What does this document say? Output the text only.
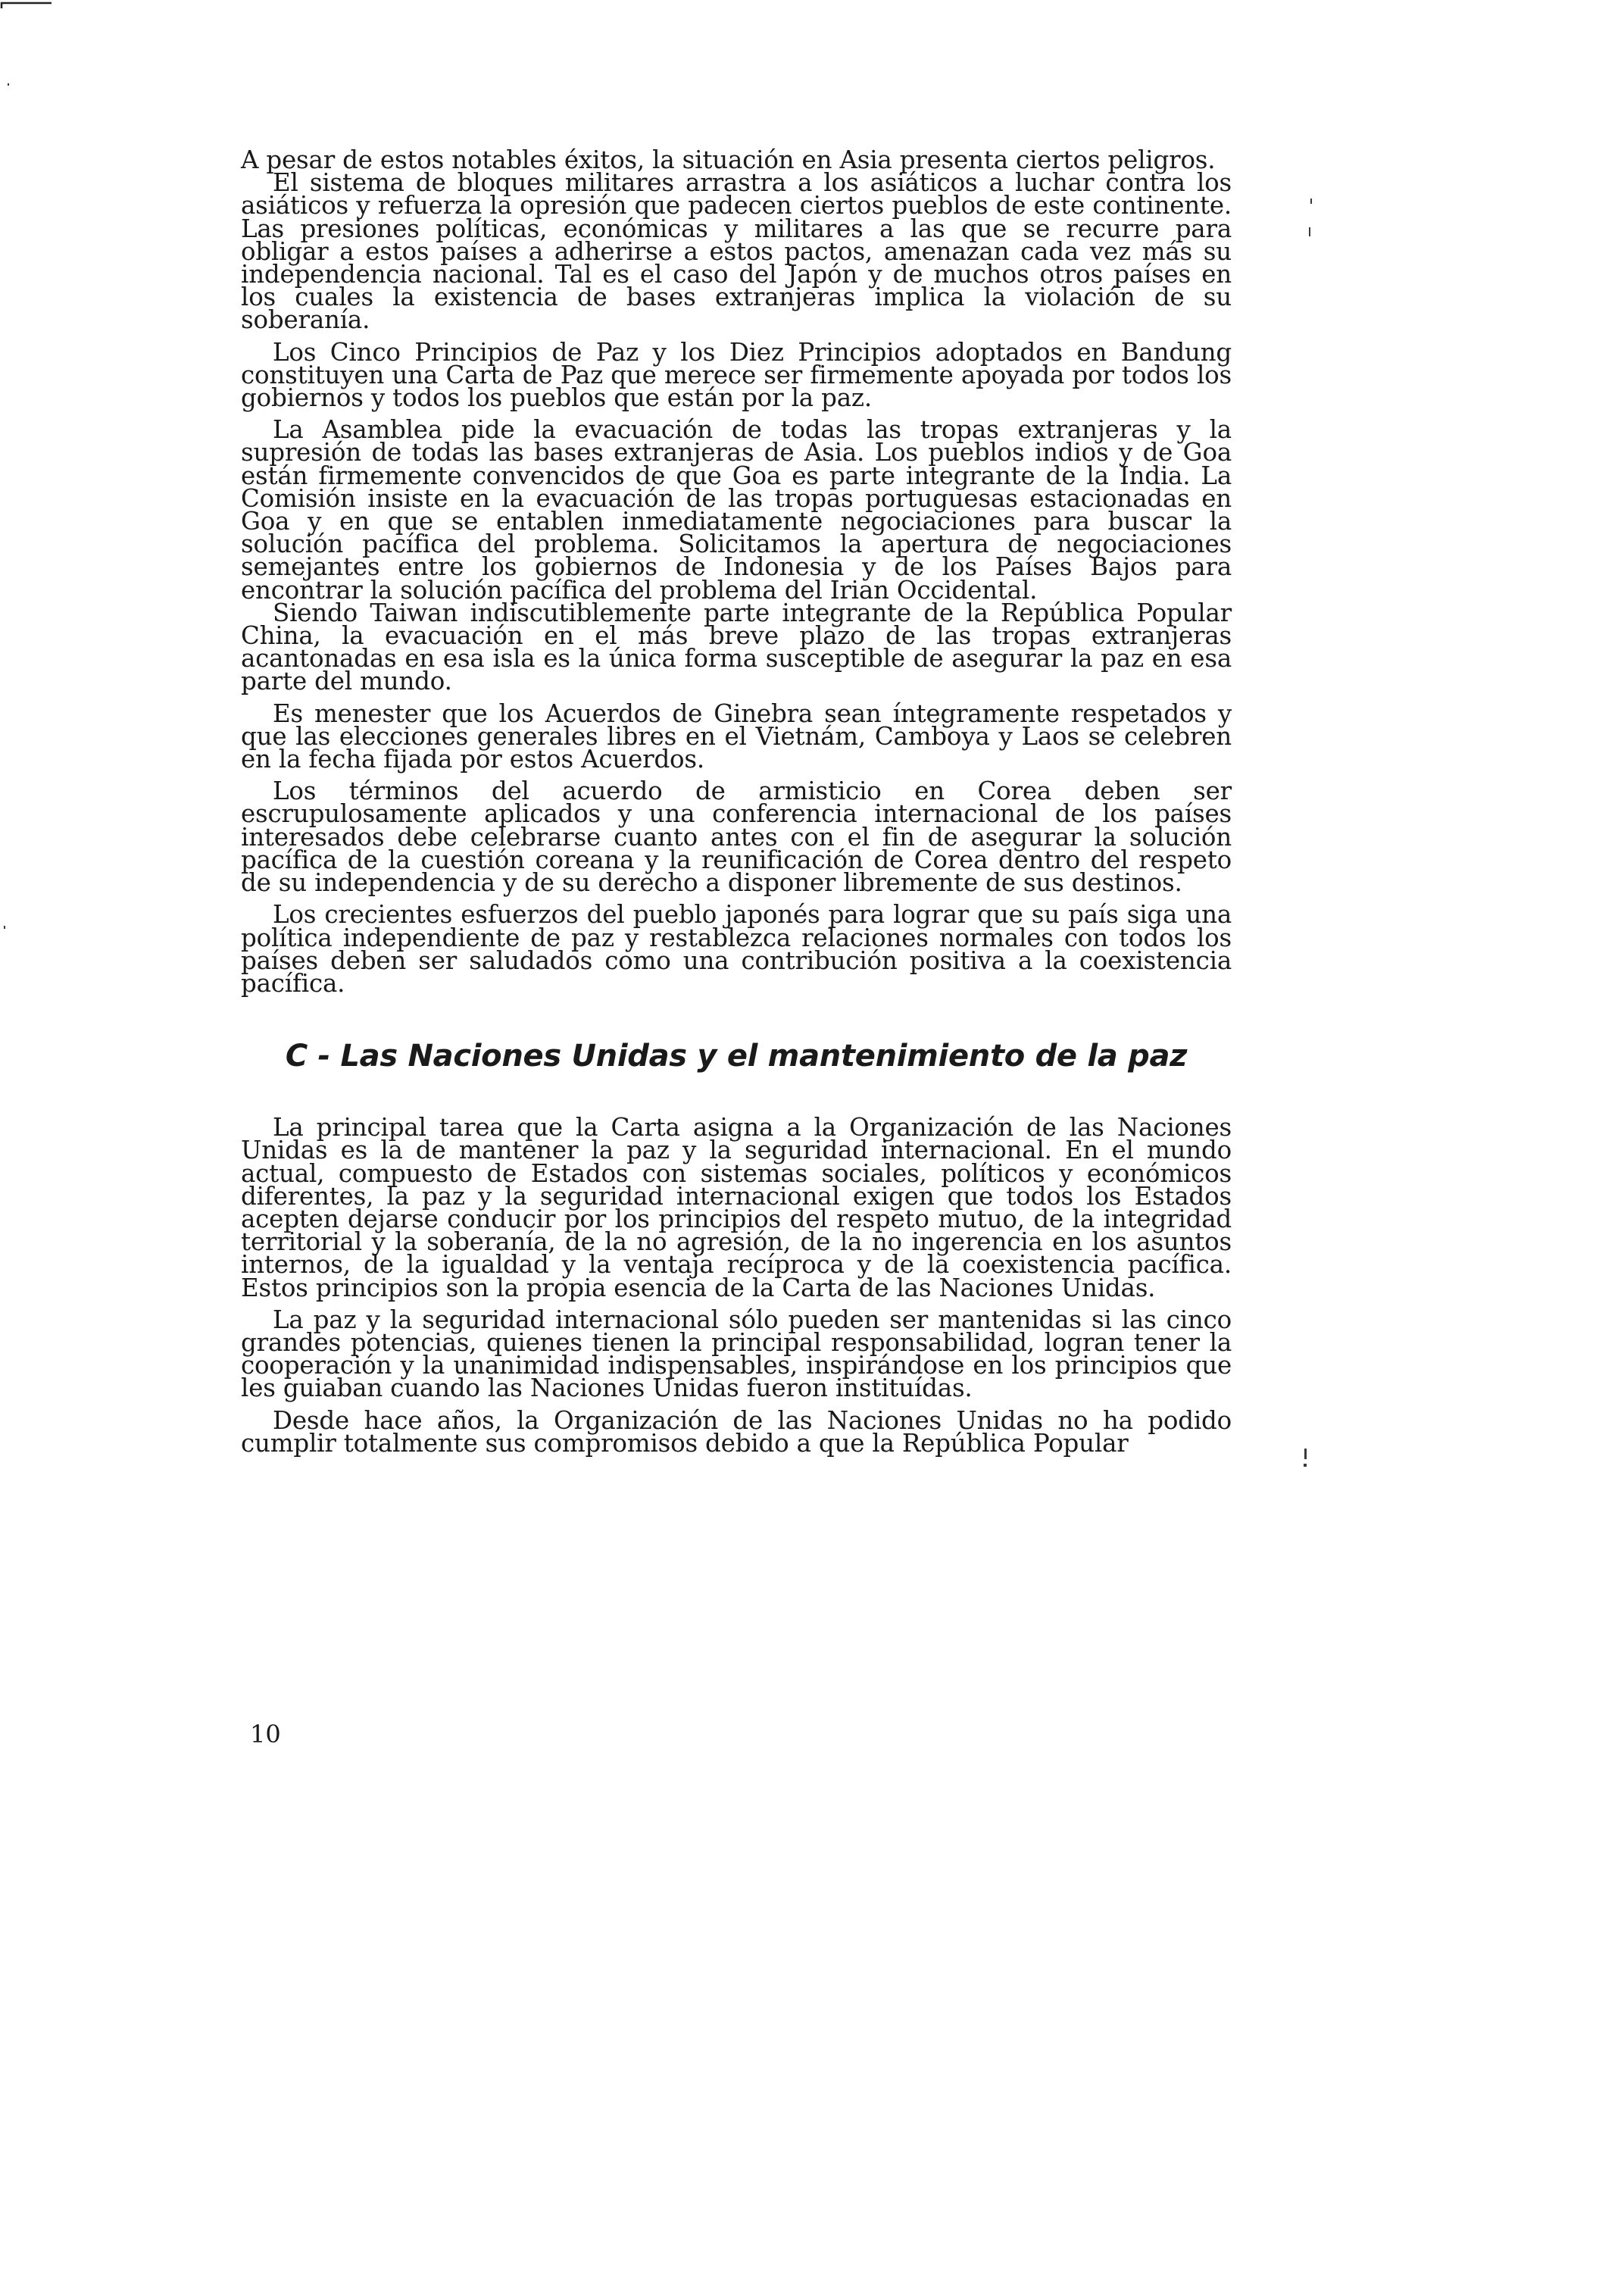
A pesar de estos notables éxitos, la situación en Asia presenta ciertos peligros.

El sistema de bloques militares arrastra a los asiáticos a luchar contra los asiáticos y refuerza la opresión que padecen ciertos pueblos de este continente. Las presiones políticas, económicas y militares a las que se recurre para obligar a estos países a adherirse a estos pactos, amenazan cada vez más su independencia nacional. Tal es el caso del Japón y de muchos otros países en los cuales la existencia de bases extranjeras implica la violación de su soberanía.

Los Cinco Principios de Paz y los Diez Principios adoptados en Bandung constituyen una Carta de Paz que merece ser firmemente apoyada por todos los gobiernos y todos los pueblos que están por la paz.

La Asamblea pide la evacuación de todas las tropas extranjeras y la supresión de todas las bases extranjeras de Asia. Los pueblos indios y de Goa están firmemente convencidos de que Goa es parte integrante de la India. La Comisión insiste en la evacuación de las tropas portuguesas estacionadas en Goa y en que se entablen inmediatamente negociaciones para buscar la solución pacífica del problema. Solicitamos la apertura de negociaciones semejantes entre los gobiernos de Indonesia y de los Países Bajos para encontrar la solución pacífica del problema del Irian Occidental.

Siendo Taiwan indiscutiblemente parte integrante de la República Popular China, la evacuación en el más breve plazo de las tropas extranjeras acantonadas en esa isla es la única forma susceptible de asegurar la paz en esa parte del mundo.

Es menester que los Acuerdos de Ginebra sean íntegramente respetados y que las elecciones generales libres en el Vietnám, Camboya y Laos se celebren en la fecha fijada por estos Acuerdos.

Los términos del acuerdo de armisticio en Corea deben ser escrupulosamente aplicados y una conferencia internacional de los países interesados debe celebrarse cuanto antes con el fin de asegurar la solución pacífica de la cuestión coreana y la reunificación de Corea dentro del respeto de su independencia y de su derecho a disponer libremente de sus destinos.

Los crecientes esfuerzos del pueblo japonés para lograr que su país siga una política independiente de paz y restablezca relaciones normales con todos los países deben ser saludados como una contribución positiva a la coexistencia pacífica.

C - Las Naciones Unidas y el mantenimiento de la paz

La principal tarea que la Carta asigna a la Organización de las Naciones Unidas es la de mantener la paz y la seguridad internacional. En el mundo actual, compuesto de Estados con sistemas sociales, políticos y económicos diferentes, la paz y la seguridad internacional exigen que todos los Estados acepten dejarse conducir por los principios del respeto mutuo, de la integridad territorial y la soberanía, de la no agresión, de la no ingerencia en los asuntos internos, de la igualdad y la ventaja recíproca y de la coexistencia pacífica. Estos principios son la propia esencia de la Carta de las Naciones Unidas.

La paz y la seguridad internacional sólo pueden ser mantenidas si las cinco grandes potencias, quienes tienen la principal responsabilidad, logran tener la cooperación y la unanimidad indispensables, inspirándose en los principios que les guiaban cuando las Naciones Unidas fueron instituídas.

Desde hace años, la Organización de las Naciones Unidas no ha podido cumplir totalmente sus compromisos debido a que la República Popular

10
